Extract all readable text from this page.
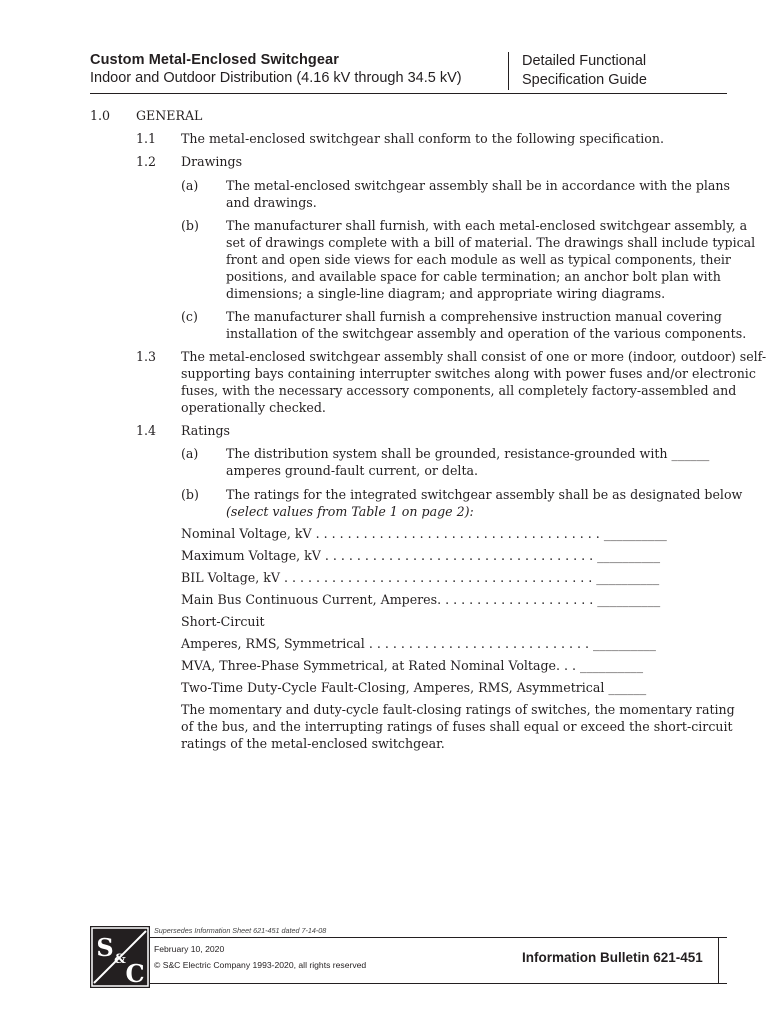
Custom Metal-Enclosed Switchgear
Indoor and Outdoor Distribution (4.16 kV through 34.5 kV)
Detailed Functional
Specification Guide
1.0 GENERAL
1.1 The metal-enclosed switchgear shall conform to the following specification.
1.2 Drawings
(a) The metal-enclosed switchgear assembly shall be in accordance with the plans
and drawings.
(b) The manufacturer shall furnish, with each metal-enclosed switchgear assembly, a
set of drawings complete with a bill of material. The drawings shall include typical
front and open side views for each module as well as typical components, their
positions, and available space for cable termination; an anchor bolt plan with
dimensions; a single-line diagram; and appropriate wiring diagrams.
(c) The manufacturer shall furnish a comprehensive instruction manual covering
installation of the switchgear assembly and operation of the various components.
1.3 The metal-enclosed switchgear assembly shall consist of one or more (indoor, outdoor) self-
supporting bays containing interrupter switches along with power fuses and/or electronic
fuses, with the necessary accessory components, all completely factory-assembled and
operationally checked.
1.4 Ratings
(a) The distribution system shall be grounded, resistance-grounded with ______
amperes ground-fault current, or delta.
(b) The ratings for the integrated switchgear assembly shall be as designated below
(select values from Table 1 on page 2):
Nominal Voltage, kV . . . . . . . . . . . . . . . . . . . . . . . . . . . . . . . . . . . . __________
Maximum Voltage, kV . . . . . . . . . . . . . . . . . . . . . . . . . . . . . . . . . . __________
BIL Voltage, kV . . . . . . . . . . . . . . . . . . . . . . . . . . . . . . . . . . . . . . . __________
Main Bus Continuous Current, Amperes. . . . . . . . . . . . . . . . . . . . __________
Short-Circuit
Amperes, RMS, Symmetrical . . . . . . . . . . . . . . . . . . . . . . . . . . . . __________
MVA, Three-Phase Symmetrical, at Rated Nominal Voltage. . . __________
Two-Time Duty-Cycle Fault-Closing, Amperes, RMS, Asymmetrical ______
The momentary and duty-cycle fault-closing ratings of switches, the momentary rating
of the bus, and the interrupting ratings of fuses shall equal or exceed the short-circuit
ratings of the metal-enclosed switchgear.
Supersedes Information Sheet 621-451 dated 7-14-08
February 10, 2020
© S&C Electric Company 1993-2020, all rights reserved	Information Bulletin 621-451
S & C
